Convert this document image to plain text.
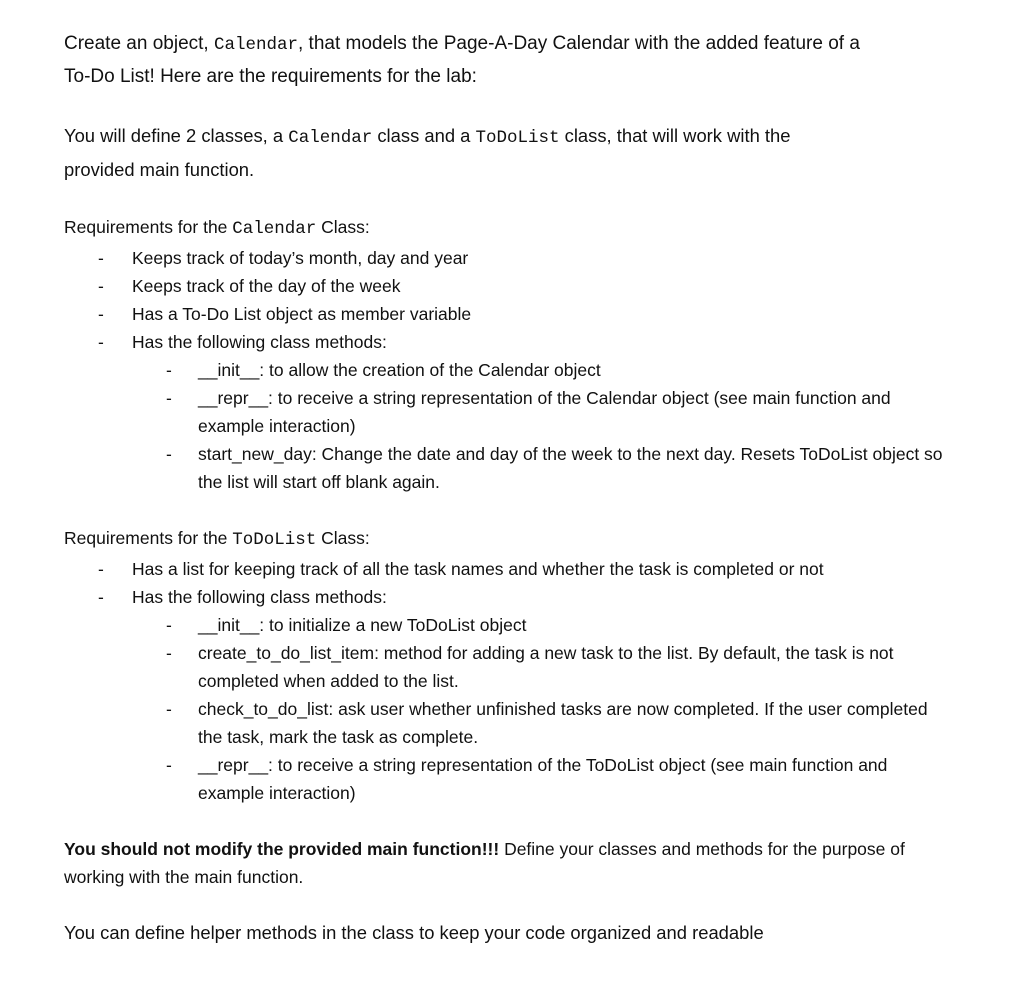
Create an object, Calendar, that models the Page-A-Day Calendar with the added feature of a
To-Do List! Here are the requirements for the lab:

You will define 2 classes, a Calendar class and a ToDoList class, that will work with the
provided main function.

Requirements for the Calendar Class:

- Keeps track of today’s month, day and year
- Keeps track of the day of the week
- Has a To-Do List object as member variable
- Has the following class methods:
- __init__: to allow the creation of the Calendar object
- __repr__: to receive a string representation of the Calendar object (see main function and example interaction)
- start_new_day: Change the date and day of the week to the next day. Resets ToDoList object so the list will start off blank again.

Requirements for the ToDoList Class:

- Has a list for keeping track of all the task names and whether the task is completed or not
- Has the following class methods:
- __init__: to initialize a new ToDoList object
- create_to_do_list_item: method for adding a new task to the list. By default, the task is not completed when added to the list.
- check_to_do_list: ask user whether unfinished tasks are now completed. If the user completed the task, mark the task as complete.
- __repr__: to receive a string representation of the ToDoList object (see main function and example interaction)

You should not modify the provided main function!!! Define your classes and methods for the purpose of working with the main function.

You can define helper methods in the class to keep your code organized and readable
